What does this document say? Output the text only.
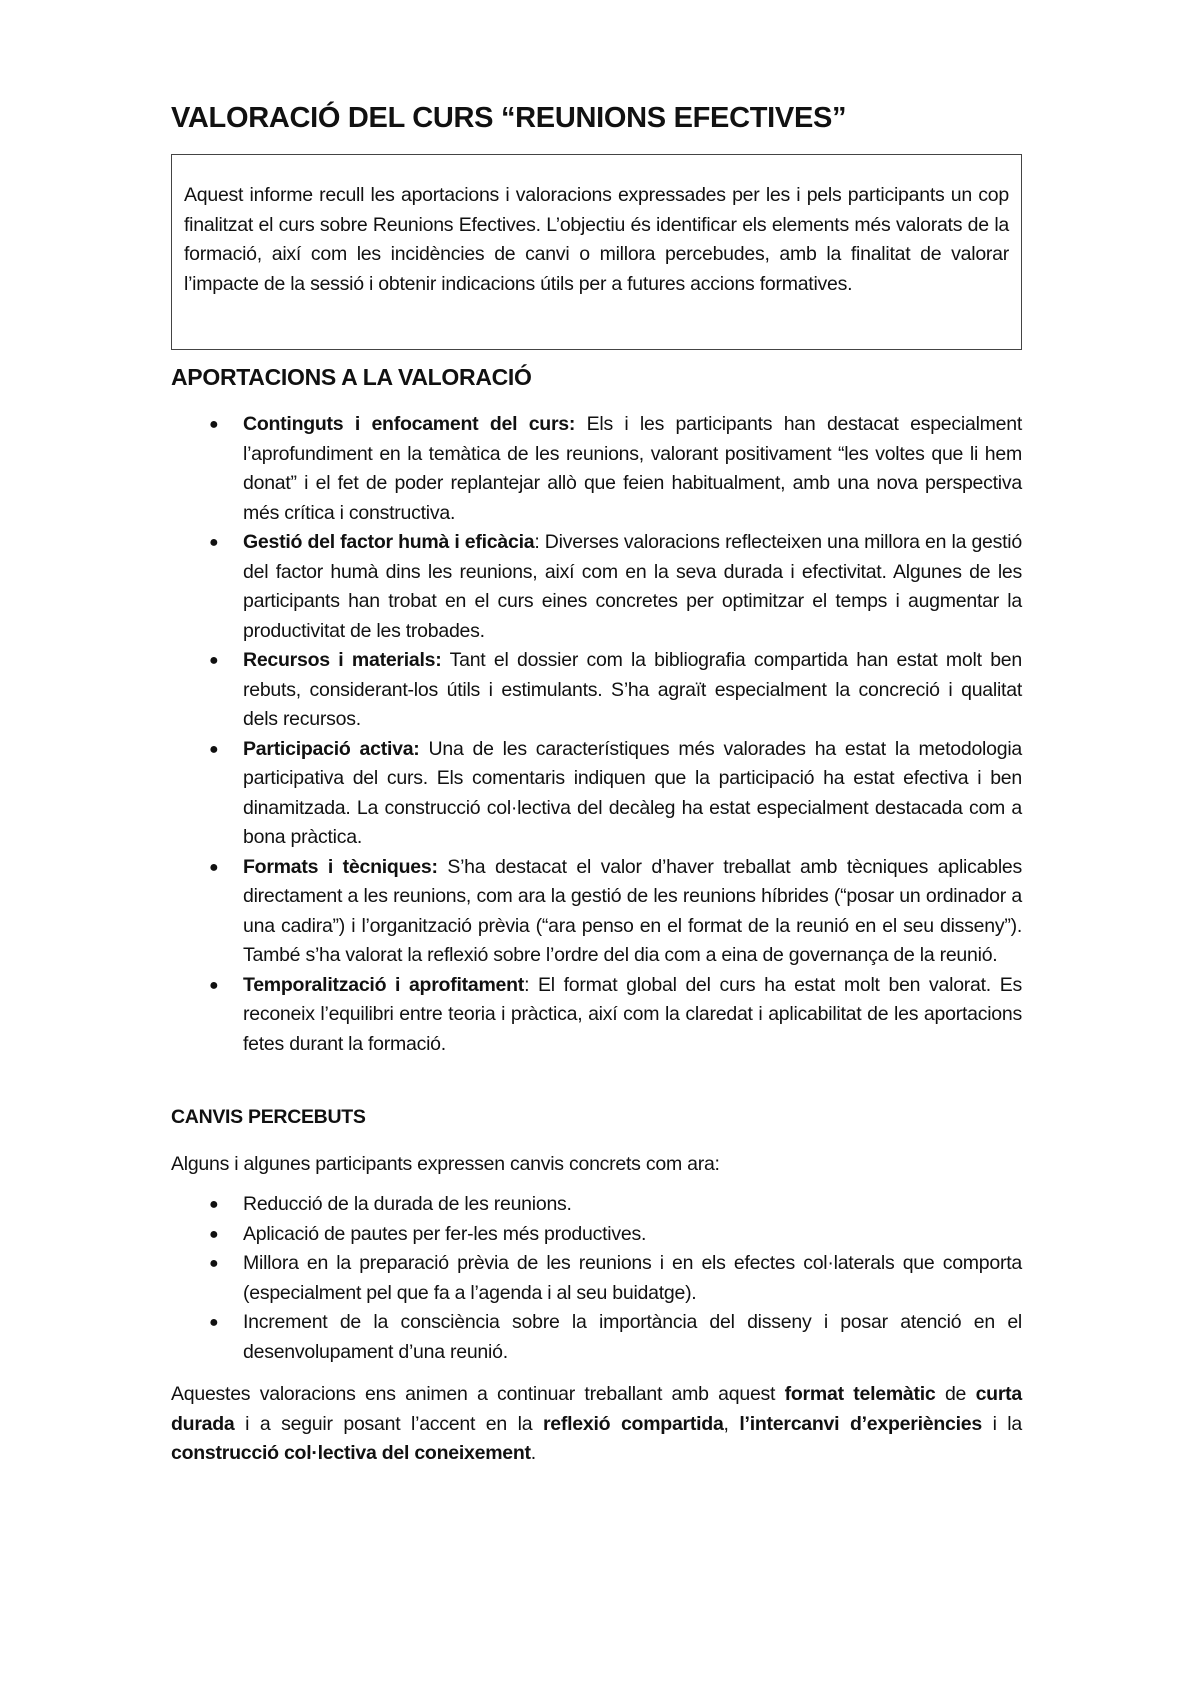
VALORACIÓ DEL CURS “REUNIONS EFECTIVES”

Aquest informe recull les aportacions i valoracions expressades per les i pels participants un cop finalitzat el curs sobre Reunions Efectives. L’objectiu és identificar els elements més valorats de la formació, així com les incidències de canvi o millora percebudes, amb la finalitat de valorar l’impacte de la sessió i obtenir indicacions útils per a futures accions formatives.

APORTACIONS A LA VALORACIÓ
● Continguts i enfocament del curs: Els i les participants han destacat especialment l’aprofundiment en la temàtica de les reunions, valorant positivament “les voltes que li hem donat” i el fet de poder replantejar allò que feien habitualment, amb una nova perspectiva més crítica i constructiva.
● Gestió del factor humà i eficàcia: Diverses valoracions reflecteixen una millora en la gestió del factor humà dins les reunions, així com en la seva durada i efectivitat. Algunes de les participants han trobat en el curs eines concretes per optimitzar el temps i augmentar la productivitat de les trobades.
● Recursos i materials: Tant el dossier com la bibliografia compartida han estat molt ben rebuts, considerant-los útils i estimulants. S’ha agraït especialment la concreció i qualitat dels recursos.
● Participació activa: Una de les característiques més valorades ha estat la metodologia participativa del curs. Els comentaris indiquen que la participació ha estat efectiva i ben dinamitzada. La construcció col·lectiva del decàleg ha estat especialment destacada com a bona pràctica.
● Formats i tècniques: S’ha destacat el valor d’haver treballat amb tècniques aplicables directament a les reunions, com ara la gestió de les reunions híbrides (“posar un ordinador a una cadira”) i l’organització prèvia (“ara penso en el format de la reunió en el seu disseny”). També s’ha valorat la reflexió sobre l’ordre del dia com a eina de governança de la reunió.
● Temporalització i aprofitament: El format global del curs ha estat molt ben valorat. Es reconeix l’equilibri entre teoria i pràctica, així com la claredat i aplicabilitat de les aportacions fetes durant la formació.
CANVIS PERCEBUTS

Alguns i algunes participants expressen canvis concrets com ara:

● Reducció de la durada de les reunions.
● Aplicació de pautes per fer-les més productives.
● Millora en la preparació prèvia de les reunions i en els efectes col·laterals que comporta (especialment pel que fa a l’agenda i al seu buidatge).
● Increment de la consciència sobre la importància del disseny i posar atenció en el desenvolupament d’una reunió.

Aquestes valoracions ens animen a continuar treballant amb aquest format telemàtic de curta durada i a seguir posant l’accent en la reflexió compartida, l’intercanvi d’experiències i la construcció col·lectiva del coneixement.
